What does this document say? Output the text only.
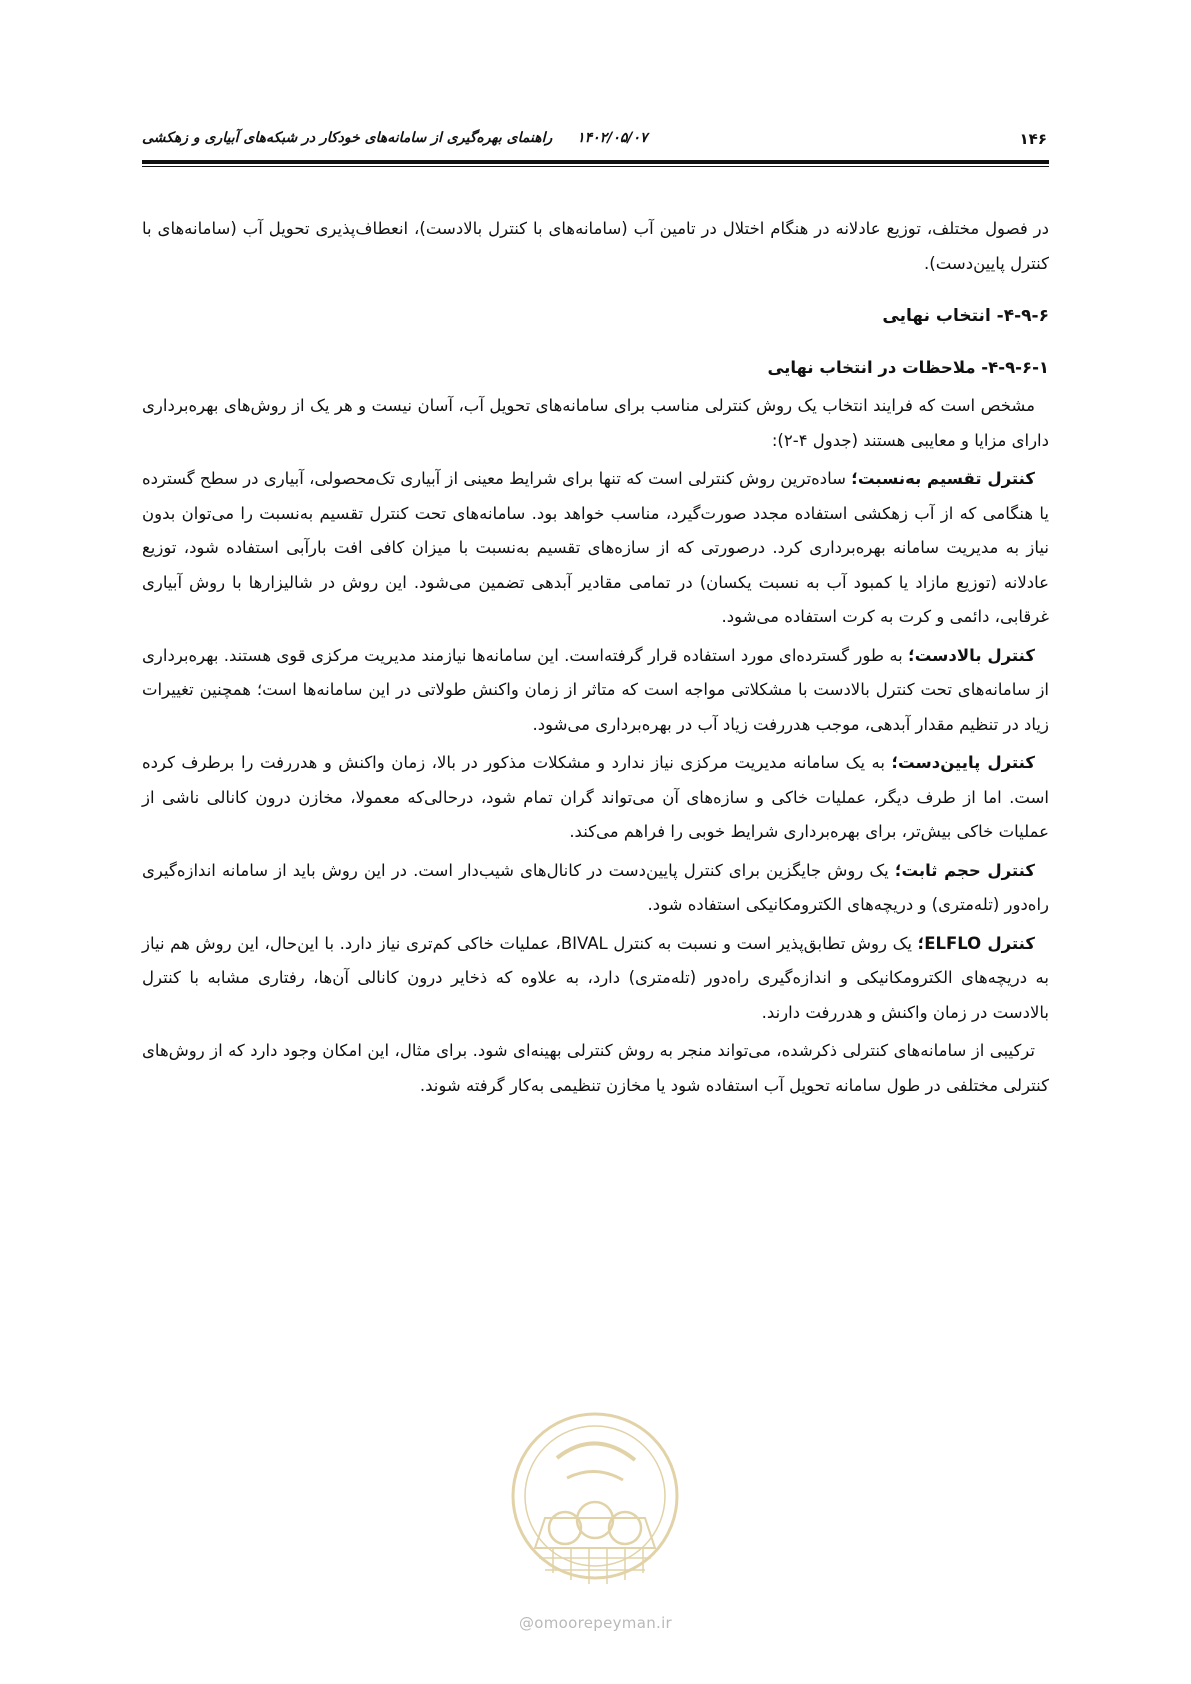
۱۴۶
۱۴۰۲/۰۵/۰۷ راهنمای بهره‌گیری از سامانه‌های خودکار در شبکه‌های آبیاری و زهکشی

در فصول مختلف، توزیع عادلانه در هنگام اختلال در تامین آب (سامانه‌های با کنترل بالادست)، انعطاف‌پذیری تحویل آب (سامانه‌های با کنترل پایین‌دست).

۴-۹-۶- انتخاب نهایی
۴-۹-۶-۱- ملاحظات در انتخاب نهایی

مشخص است که فرایند انتخاب یک روش کنترلی مناسب برای سامانه‌های تحویل آب، آسان نیست و هر یک از روش‌های بهره‌برداری دارای مزایا و معایبی هستند (جدول ۴-۲):

کنترل تقسیم به‌نسبت؛ ساده‌ترین روش کنترلی است که تنها برای شرایط معینی از آبیاری تک‌محصولی، آبیاری در سطح گسترده یا هنگامی که از آب زهکشی استفاده مجدد صورت‌گیرد، مناسب خواهد بود. سامانه‌های تحت کنترل تقسیم به‌نسبت را می‌توان بدون نیاز به مدیریت سامانه بهره‌برداری کرد. درصورتی که از سازه‌های تقسیم به‌نسبت با میزان کافی افت بارآبی استفاده شود، توزیع عادلانه (توزیع مازاد یا کمبود آب به نسبت یکسان) در تمامی مقادیر آبدهی تضمین می‌شود. این روش در شالیزارها با روش آبیاری غرقابی، دائمی و کرت به کرت استفاده می‌شود.

کنترل بالادست؛ به طور گسترده‌ای مورد استفاده قرار گرفته‌است. این سامانه‌ها نیازمند مدیریت مرکزی قوی هستند. بهره‌برداری از سامانه‌های تحت کنترل بالادست با مشکلاتی مواجه است که متاثر از زمان واکنش طولاتی در این سامانه‌ها است؛ همچنین تغییرات زیاد در تنظیم مقدار آبدهی، موجب هدررفت زیاد آب در بهره‌برداری می‌شود.

کنترل پایین‌دست؛ به یک سامانه مدیریت مرکزی نیاز ندارد و مشکلات مذکور در بالا، زمان واکنش و هدررفت را برطرف کرده است. اما از طرف دیگر، عملیات خاکی و سازه‌های آن می‌تواند گران تمام شود، درحالی‌که معمولا، مخازن درون کانالی ناشی از عملیات خاکی بیش‌تر، برای بهره‌برداری شرایط خوبی را فراهم می‌کند.

کنترل حجم ثابت؛ یک روش جایگزین برای کنترل پایین‌دست در کانال‌های شیب‌دار است. در این روش باید از سامانه اندازه‌گیری راه‌دور (تله‌متری) و دریچه‌های الکترومکانیکی استفاده شود.

کنترل ELFLO؛ یک روش تطابق‌پذیر است و نسبت به کنترل BIVAL، عملیات خاکی کم‌تری نیاز دارد. با این‌حال، این روش هم نیاز به دریچه‌های الکترومکانیکی و اندازه‌گیری راه‌دور (تله‌متری) دارد، به علاوه که ذخایر درون کانالی آن‌ها، رفتاری مشابه با کنترل بالادست در زمان واکنش و هدررفت دارند.

ترکیبی از سامانه‌های کنترلی ذکرشده، می‌تواند منجر به روش کنترلی بهینه‌ای شود. برای مثال، این امکان وجود دارد که از روش‌های کنترلی مختلفی در طول سامانه تحویل آب استفاده شود یا مخازن تنظیمی به‌کار گرفته شوند.

@omoorepeyman.ir
